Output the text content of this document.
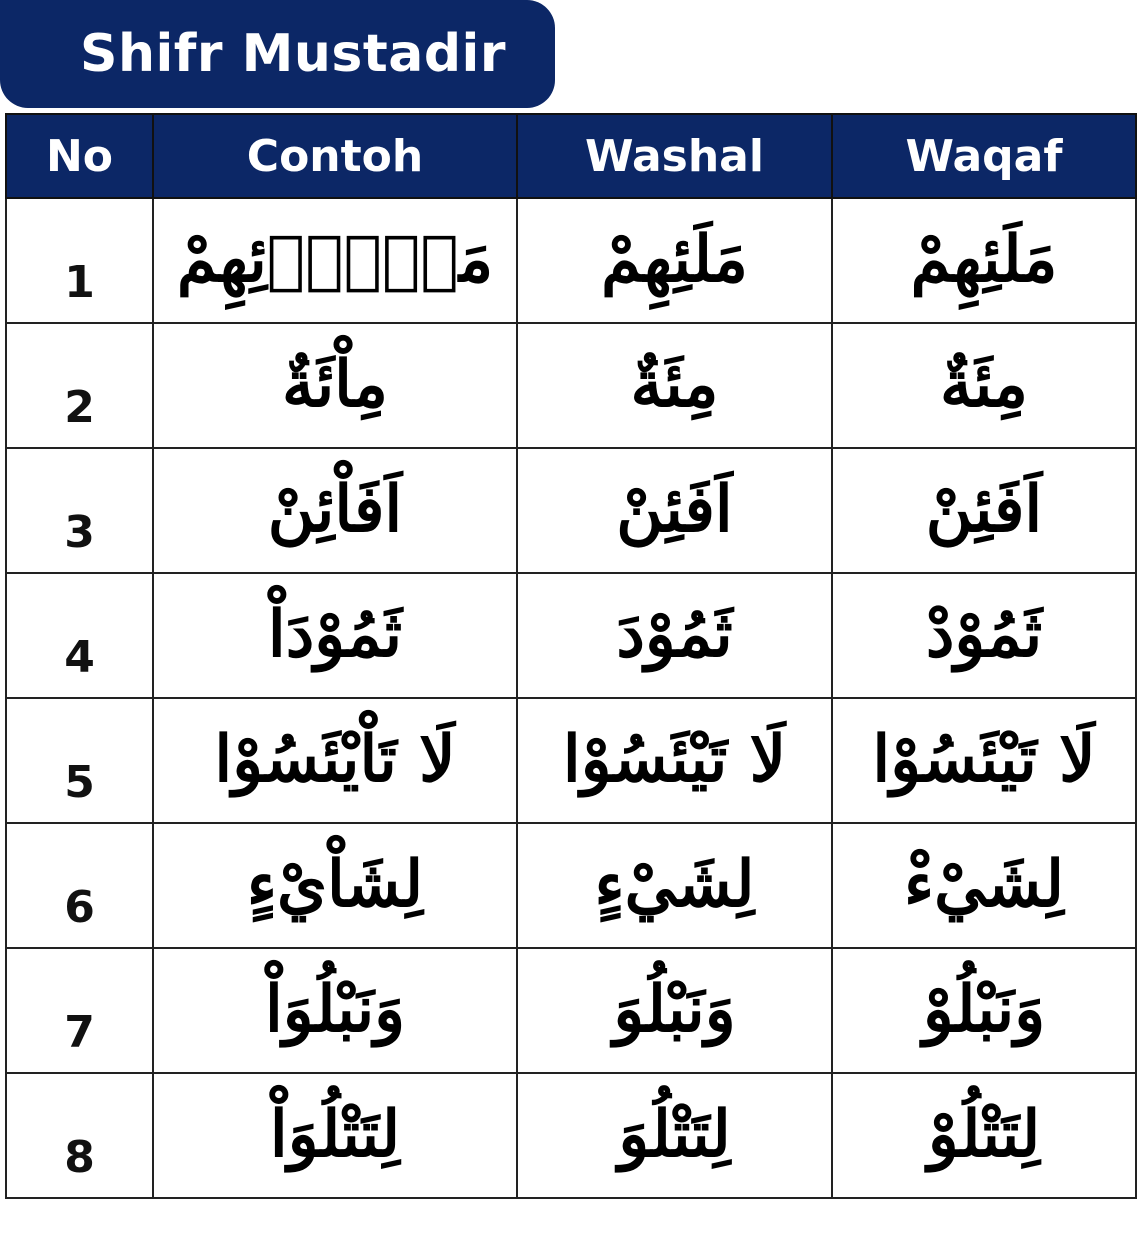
Shifr Mustadir
No	Contoh	Washal	Waqaf
1	مَلَاْۤئِهِمْ	مَلَئِهِمْ	مَلَئِهِمْ
2	مِاْئَةٌ	مِئَةٌ	مِئَةٌ
3	اَفَاْئِنْ	اَفَئِنْ	اَفَئِنْ
4	ثَمُوْدَاْ	ثَمُوْدَ	ثَمُوْدْ
5	لَا تَاْيْئَسُوْا	لَا تَيْئَسُوْا	لَا تَيْئَسُوْا
6	لِشَاْيْءٍ	لِشَيْءٍ	لِشَيْءْ
7	وَنَبْلُوَاْ	وَنَبْلُوَ	وَنَبْلُوْ
8	لِتَتْلُوَاْ	لِتَتْلُوَ	لِتَتْلُوْ
